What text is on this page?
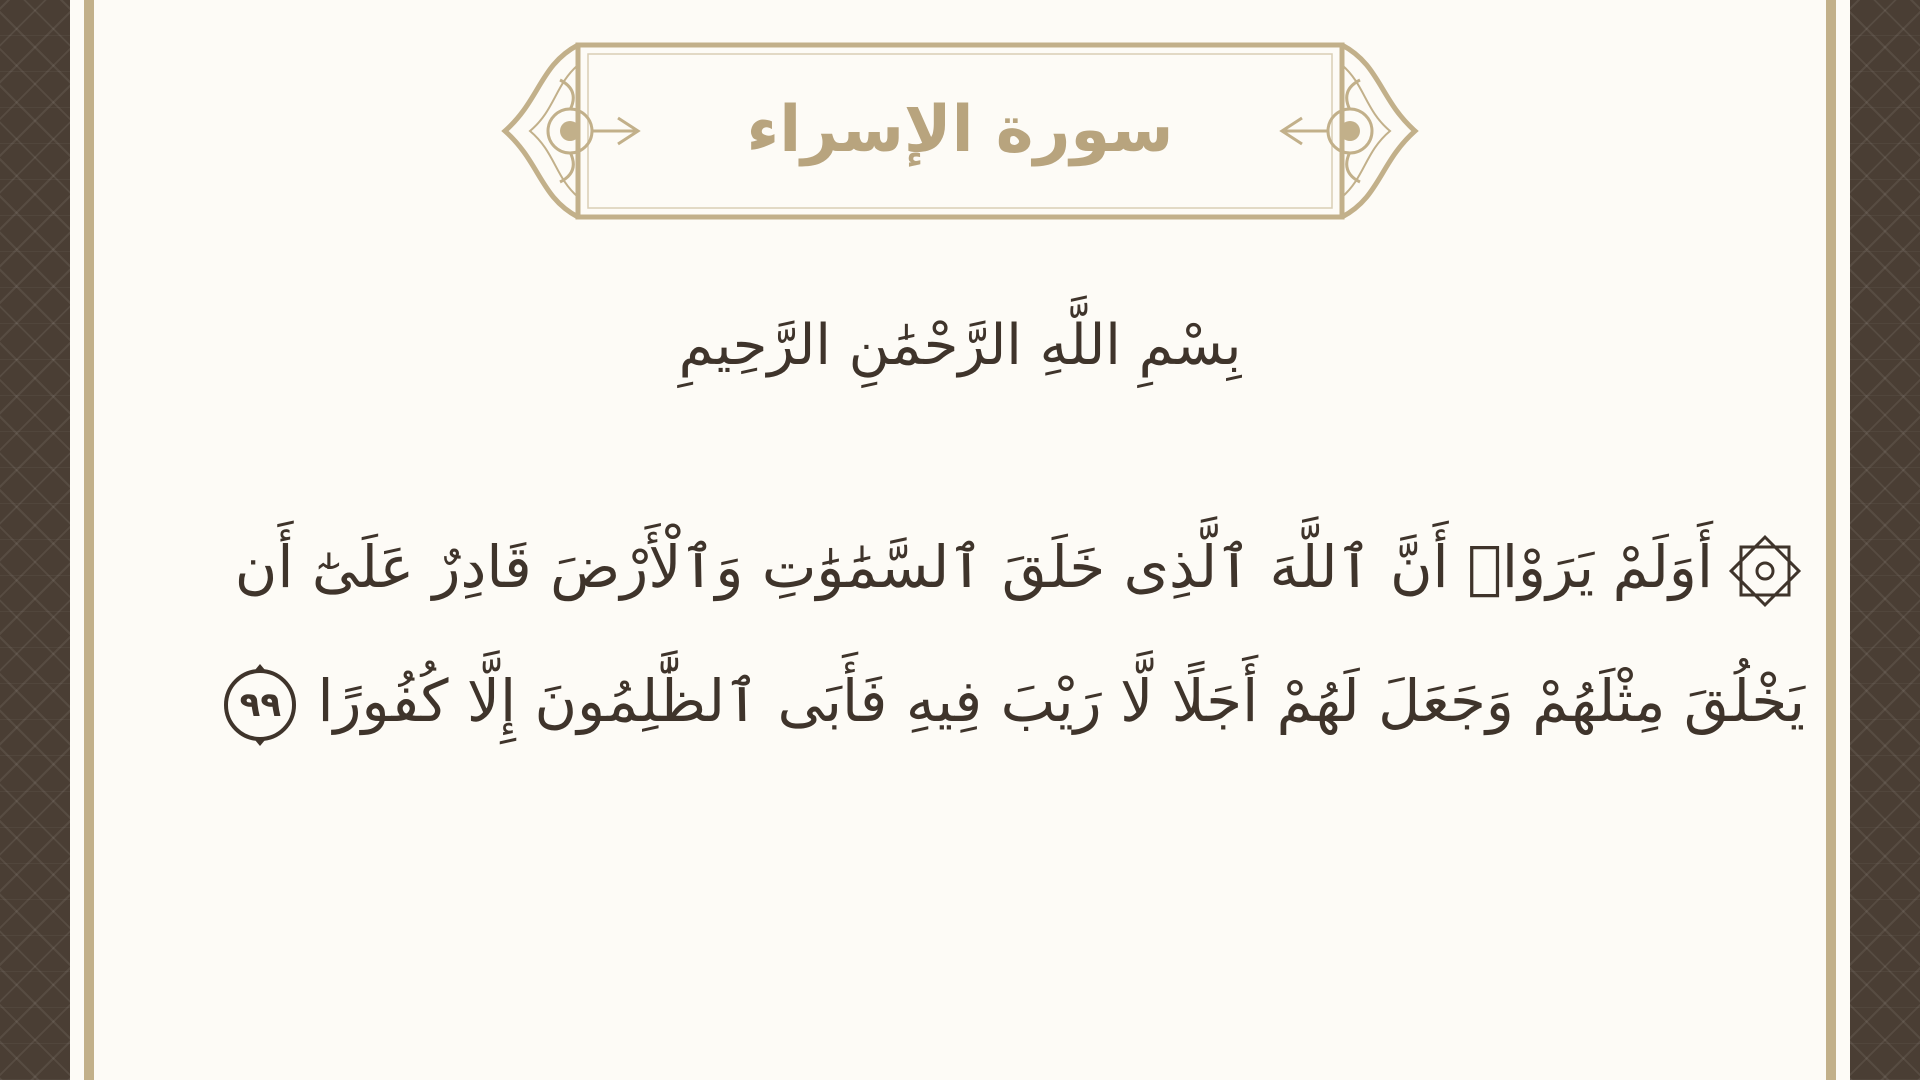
سورة الإسراء
بِسْمِ اللَّهِ الرَّحْمَٰنِ الرَّحِيمِ
أَوَلَمْ يَرَوْا۟ أَنَّ ٱللَّهَ ٱلَّذِى خَلَقَ ٱلسَّمَٰوَٰتِ وَٱلْأَرْضَ قَادِرٌ عَلَىٰٓ أَن يَخْلُقَ مِثْلَهُمْ وَجَعَلَ لَهُمْ أَجَلًا لَّا رَيْبَ فِيهِ فَأَبَى ٱلظَّٰلِمُونَ إِلَّا كُفُورًا
٩٩
